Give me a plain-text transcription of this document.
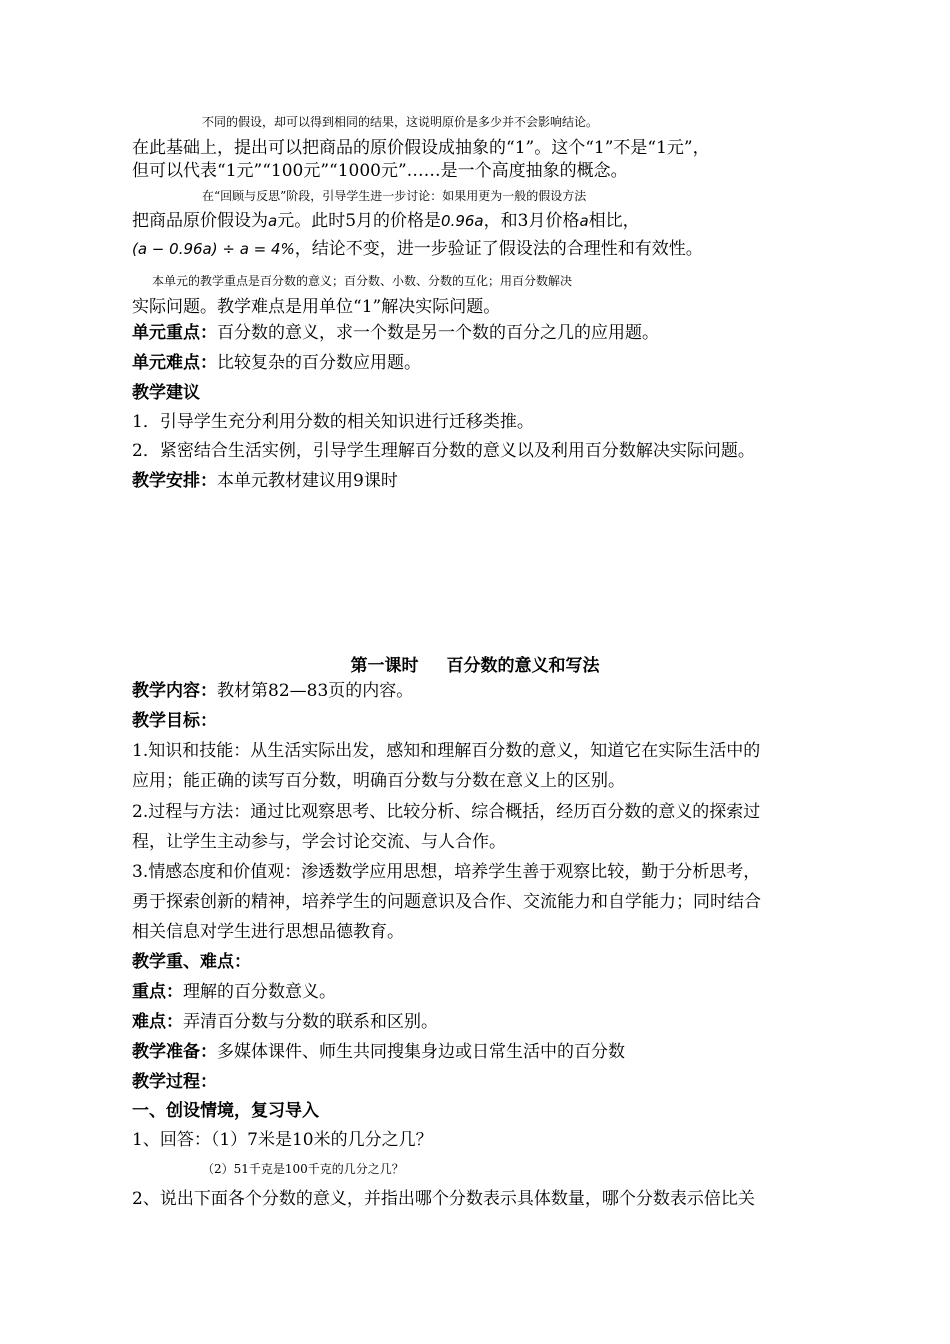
不同的假设，却可以得到相同的结果，这说明原价是多少并不会影响结论。
在此基础上，提出可以把商品的原价假设成抽象的“1”。这个“1”不是“1元”，
但可以代表“1元”“100元”“1000元”……是一个高度抽象的概念。
在“回顾与反思”阶段，引导学生进一步讨论：如果用更为一般的假设方法
把商品原价假设为a元。此时5月的价格是0.96a，和3月价格a相比，
(a − 0.96a) ÷ a = 4%，结论不变，进一步验证了假设法的合理性和有效性。
本单元的教学重点是百分数的意义；百分数、小数、分数的互化；用百分数解决
实际问题。教学难点是用单位“1”解决实际问题。
单元重点：百分数的意义，求一个数是另一个数的百分之几的应用题。
单元难点：比较复杂的百分数应用题。
教学建议
1．引导学生充分利用分数的相关知识进行迁移类推。
2．紧密结合生活实例，引导学生理解百分数的意义以及利用百分数解决实际问题。
教学安排：本单元教材建议用9课时
第一课时 百分数的意义和写法
教学内容：教材第82—83页的内容。
教学目标：
1.知识和技能：从生活实际出发，感知和理解百分数的意义，知道它在实际生活中的
应用；能正确的读写百分数，明确百分数与分数在意义上的区别。
2.过程与方法：通过比观察思考、比较分析、综合概括，经历百分数的意义的探索过
程，让学生主动参与，学会讨论交流、与人合作。
3.情感态度和价值观：渗透数学应用思想，培养学生善于观察比较，勤于分析思考，
勇于探索创新的精神，培养学生的问题意识及合作、交流能力和自学能力；同时结合
相关信息对学生进行思想品德教育。
教学重、难点：
重点：理解的百分数意义。
难点：弄清百分数与分数的联系和区别。
教学准备：多媒体课件、师生共同搜集身边或日常生活中的百分数
教学过程：
一、创设情境，复习导入
1、回答：（1）7米是10米的几分之几？
（2）51千克是100千克的几分之几？
2、说出下面各个分数的意义，并指出哪个分数表示具体数量，哪个分数表示倍比关
